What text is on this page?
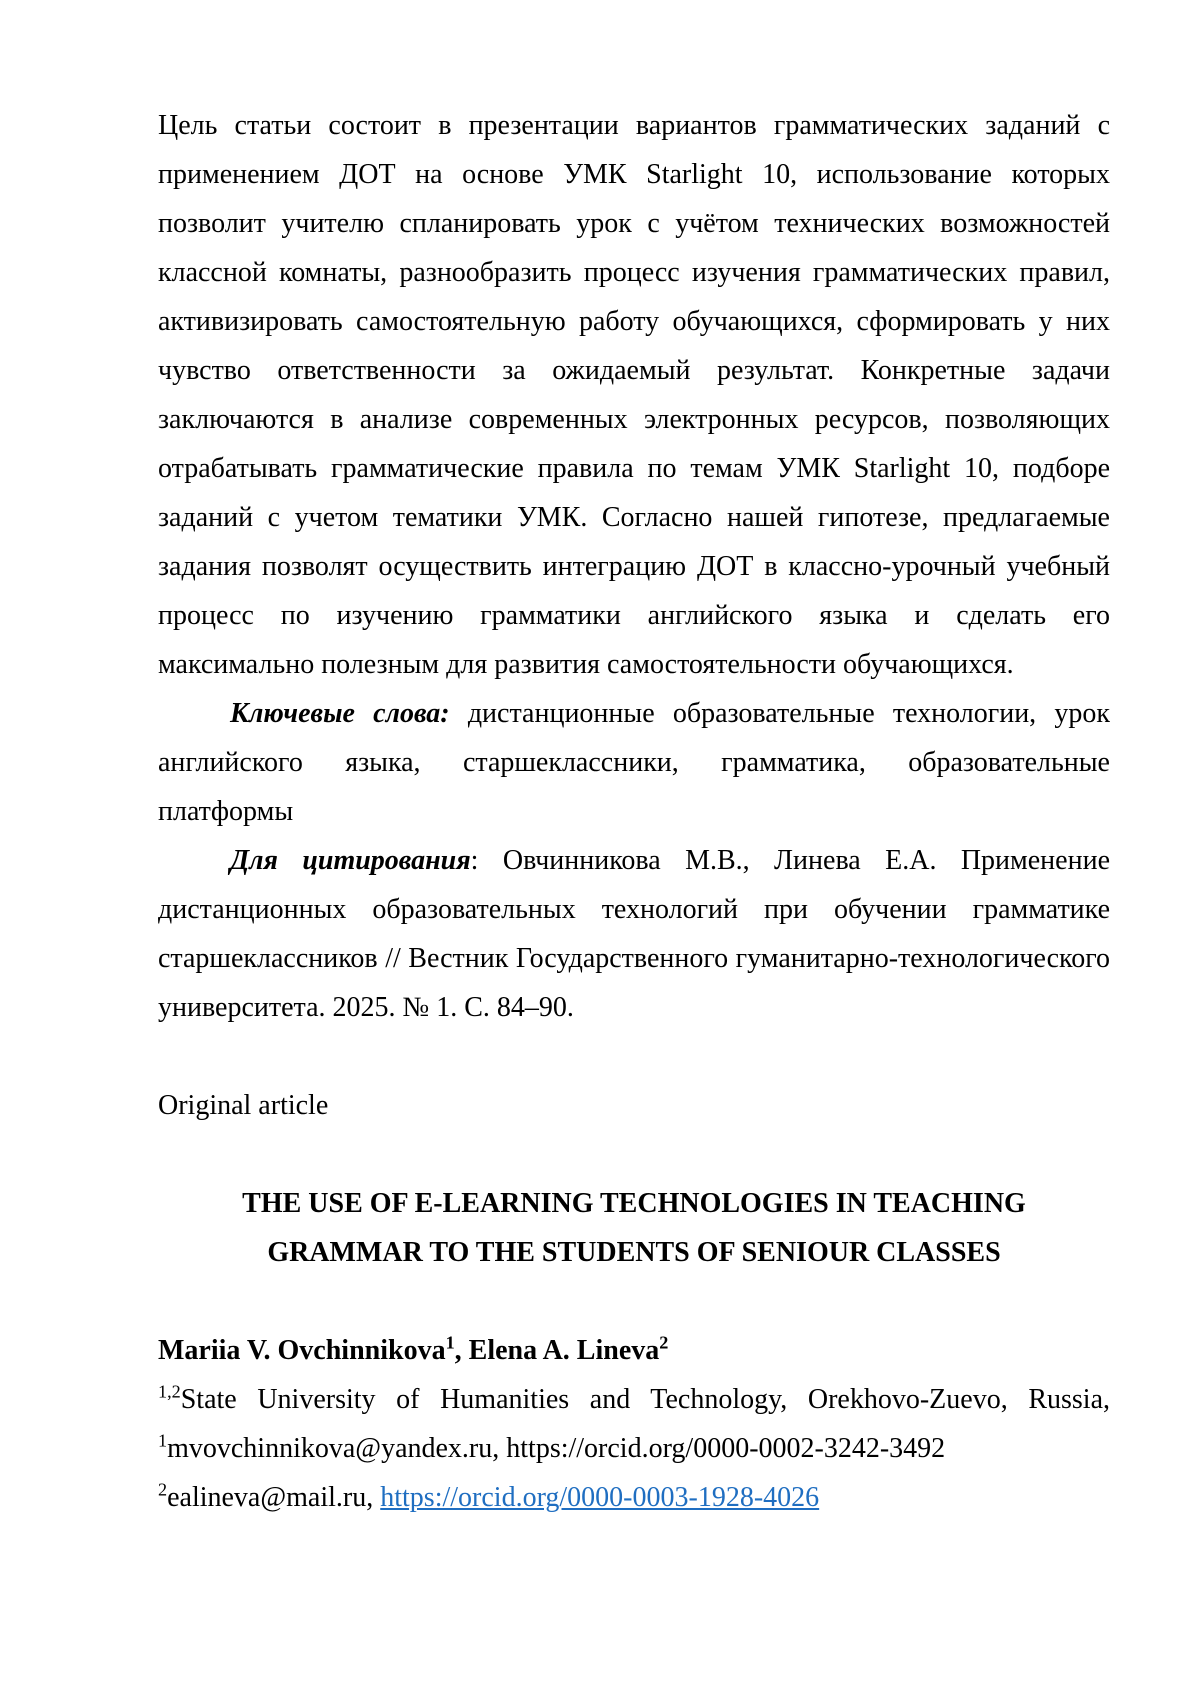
Цель статьи состоит в презентации вариантов грамматических заданий с применением ДОТ на основе УМК Starlight 10, использование которых позволит учителю спланировать урок с учётом технических возможностей классной комнаты, разнообразить процесс изучения грамматических правил, активизировать самостоятельную работу обучающихся, сформировать у них чувство ответственности за ожидаемый результат. Конкретные задачи заключаются в анализе современных электронных ресурсов, позволяющих отрабатывать грамматические правила по темам УМК Starlight 10, подборе заданий с учетом тематики УМК. Согласно нашей гипотезе, предлагаемые задания позволят осуществить интеграцию ДОТ в классно-урочный учебный процесс по изучению грамматики английского языка и сделать его максимально полезным для развития самостоятельности обучающихся.

Ключевые слова: дистанционные образовательные технологии, урок английского языка, старшеклассники, грамматика, образовательные платформы

Для цитирования: Овчинникова М.В., Линева Е.А. Применение дистанционных образовательных технологий при обучении грамматике старшеклассников // Вестник Государственного гуманитарно-технологического университета. 2025. № 1. С. 84–90.

Original article

THE USE OF E-LEARNING TECHNOLOGIES IN TEACHING
GRAMMAR TO THE STUDENTS OF SENIOUR CLASSES

Mariia V. Ovchinnikova$^1$, Elena A. Lineva$^2$

$^{1,2}$State University of Humanities and Technology, Orekhovo-Zuevo, Russia,

$^1$mvovchinnikova@yandex.ru, https://orcid.org/0000-0002-3242-3492

$^2$ealineva@mail.ru, https://orcid.org/0000-0003-1928-4026
